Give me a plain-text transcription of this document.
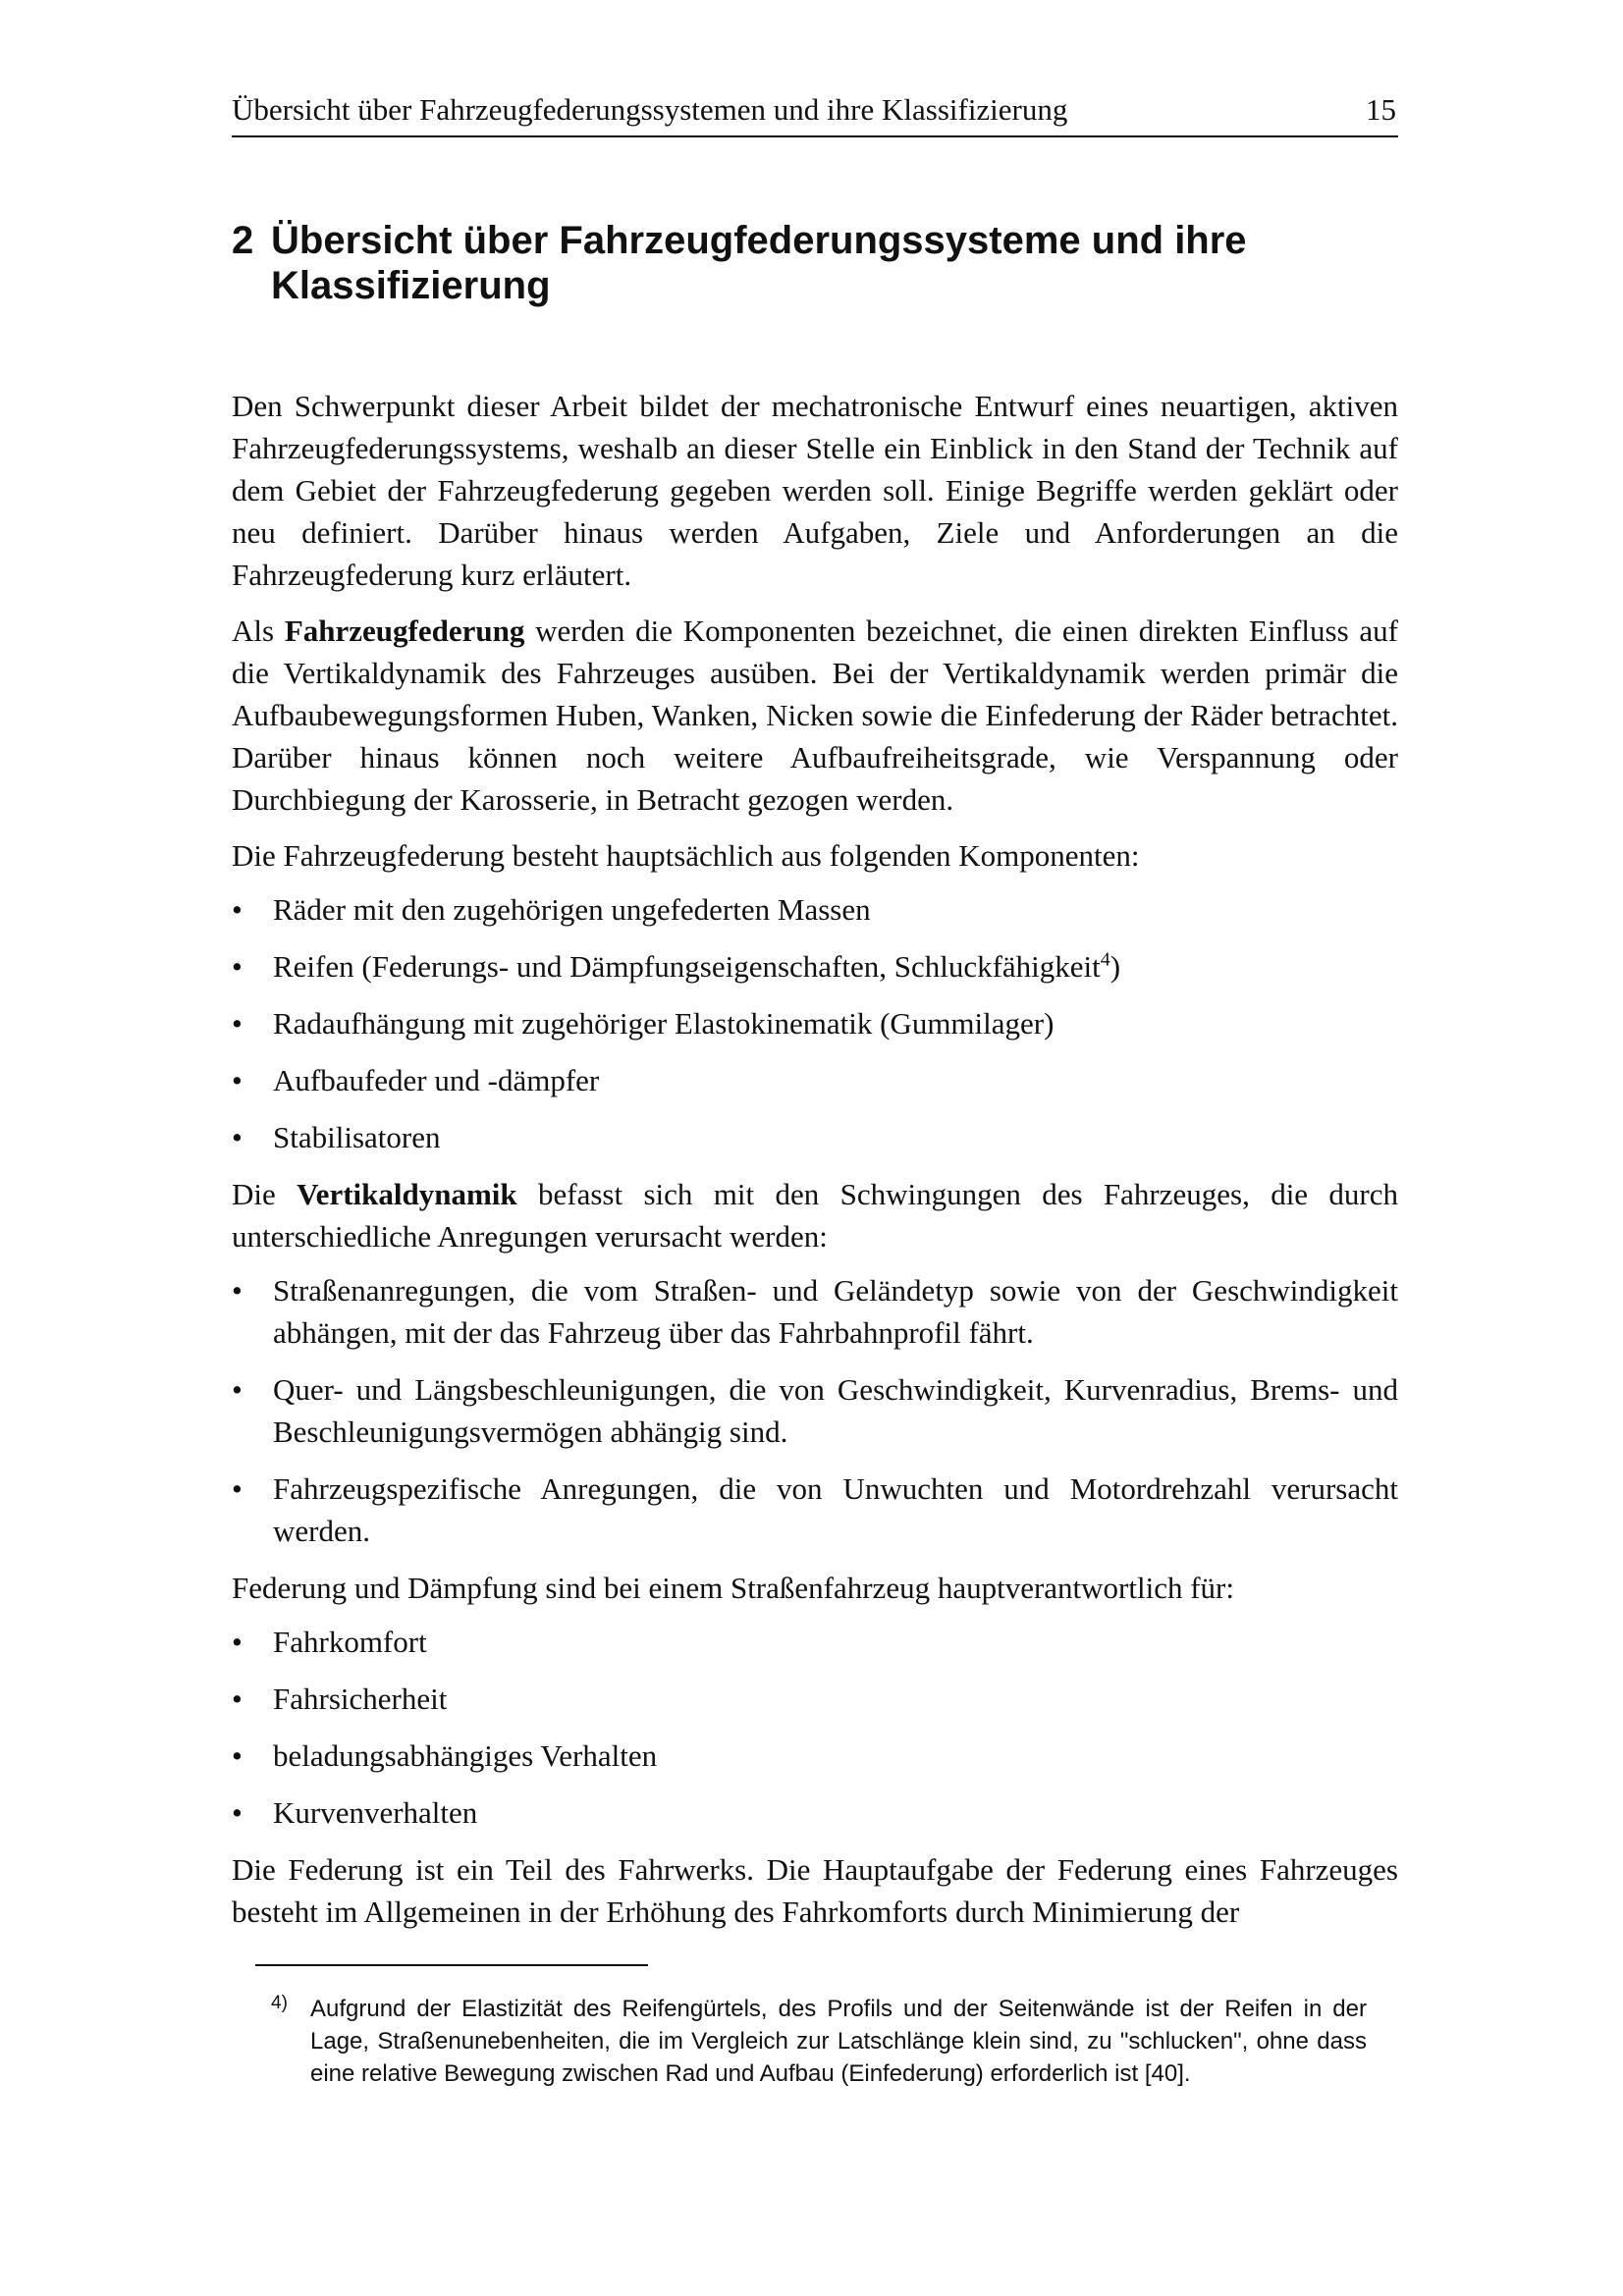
Übersicht über Fahrzeugfederungssystemen und ihre Klassifizierung	15
2 Übersicht über Fahrzeugfederungssysteme und ihre Klassifizierung

Den Schwerpunkt dieser Arbeit bildet der mechatronische Entwurf eines neuartigen, aktiven Fahrzeugfederungssystems, weshalb an dieser Stelle ein Einblick in den Stand der Technik auf dem Gebiet der Fahrzeugfederung gegeben werden soll. Einige Begriffe werden geklärt oder neu definiert. Darüber hinaus werden Aufgaben, Ziele und Anforderungen an die Fahrzeugfederung kurz erläutert.

Als Fahrzeugfederung werden die Komponenten bezeichnet, die einen direkten Einfluss auf die Vertikaldynamik des Fahrzeuges ausüben. Bei der Vertikaldynamik werden primär die Aufbaubewegungsformen Huben, Wanken, Nicken sowie die Einfederung der Räder betrachtet. Darüber hinaus können noch weitere Aufbaufreiheitsgrade, wie Verspannung oder Durchbiegung der Karosserie, in Betracht gezogen werden.

Die Fahrzeugfederung besteht hauptsächlich aus folgenden Komponenten:

• Räder mit den zugehörigen ungefederten Massen
• Reifen (Federungs- und Dämpfungseigenschaften, Schluckfähigkeit$^4$)
• Radaufhängung mit zugehöriger Elastokinematik (Gummilager)
• Aufbaufeder und -dämpfer
• Stabilisatoren

Die Vertikaldynamik befasst sich mit den Schwingungen des Fahrzeuges, die durch unterschiedliche Anregungen verursacht werden:

• Straßenanregungen, die vom Straßen- und Geländetyp sowie von der Geschwindigkeit abhängen, mit der das Fahrzeug über das Fahrbahnprofil fährt.
• Quer- und Längsbeschleunigungen, die von Geschwindigkeit, Kurvenradius, Brems- und Beschleunigungsvermögen abhängig sind.
• Fahrzeugspezifische Anregungen, die von Unwuchten und Motordrehzahl verursacht werden.

Federung und Dämpfung sind bei einem Straßenfahrzeug hauptverantwortlich für:

• Fahrkomfort
• Fahrsicherheit
• beladungsabhängiges Verhalten
• Kurvenverhalten

Die Federung ist ein Teil des Fahrwerks. Die Hauptaufgabe der Federung eines Fahrzeuges besteht im Allgemeinen in der Erhöhung des Fahrkomforts durch Minimierung der

4) Aufgrund der Elastizität des Reifengürtels, des Profils und der Seitenwände ist der Reifen in der Lage, Straßenunebenheiten, die im Vergleich zur Latschlänge klein sind, zu "schlucken", ohne dass eine relative Bewegung zwischen Rad und Aufbau (Einfederung) erforderlich ist [40].
